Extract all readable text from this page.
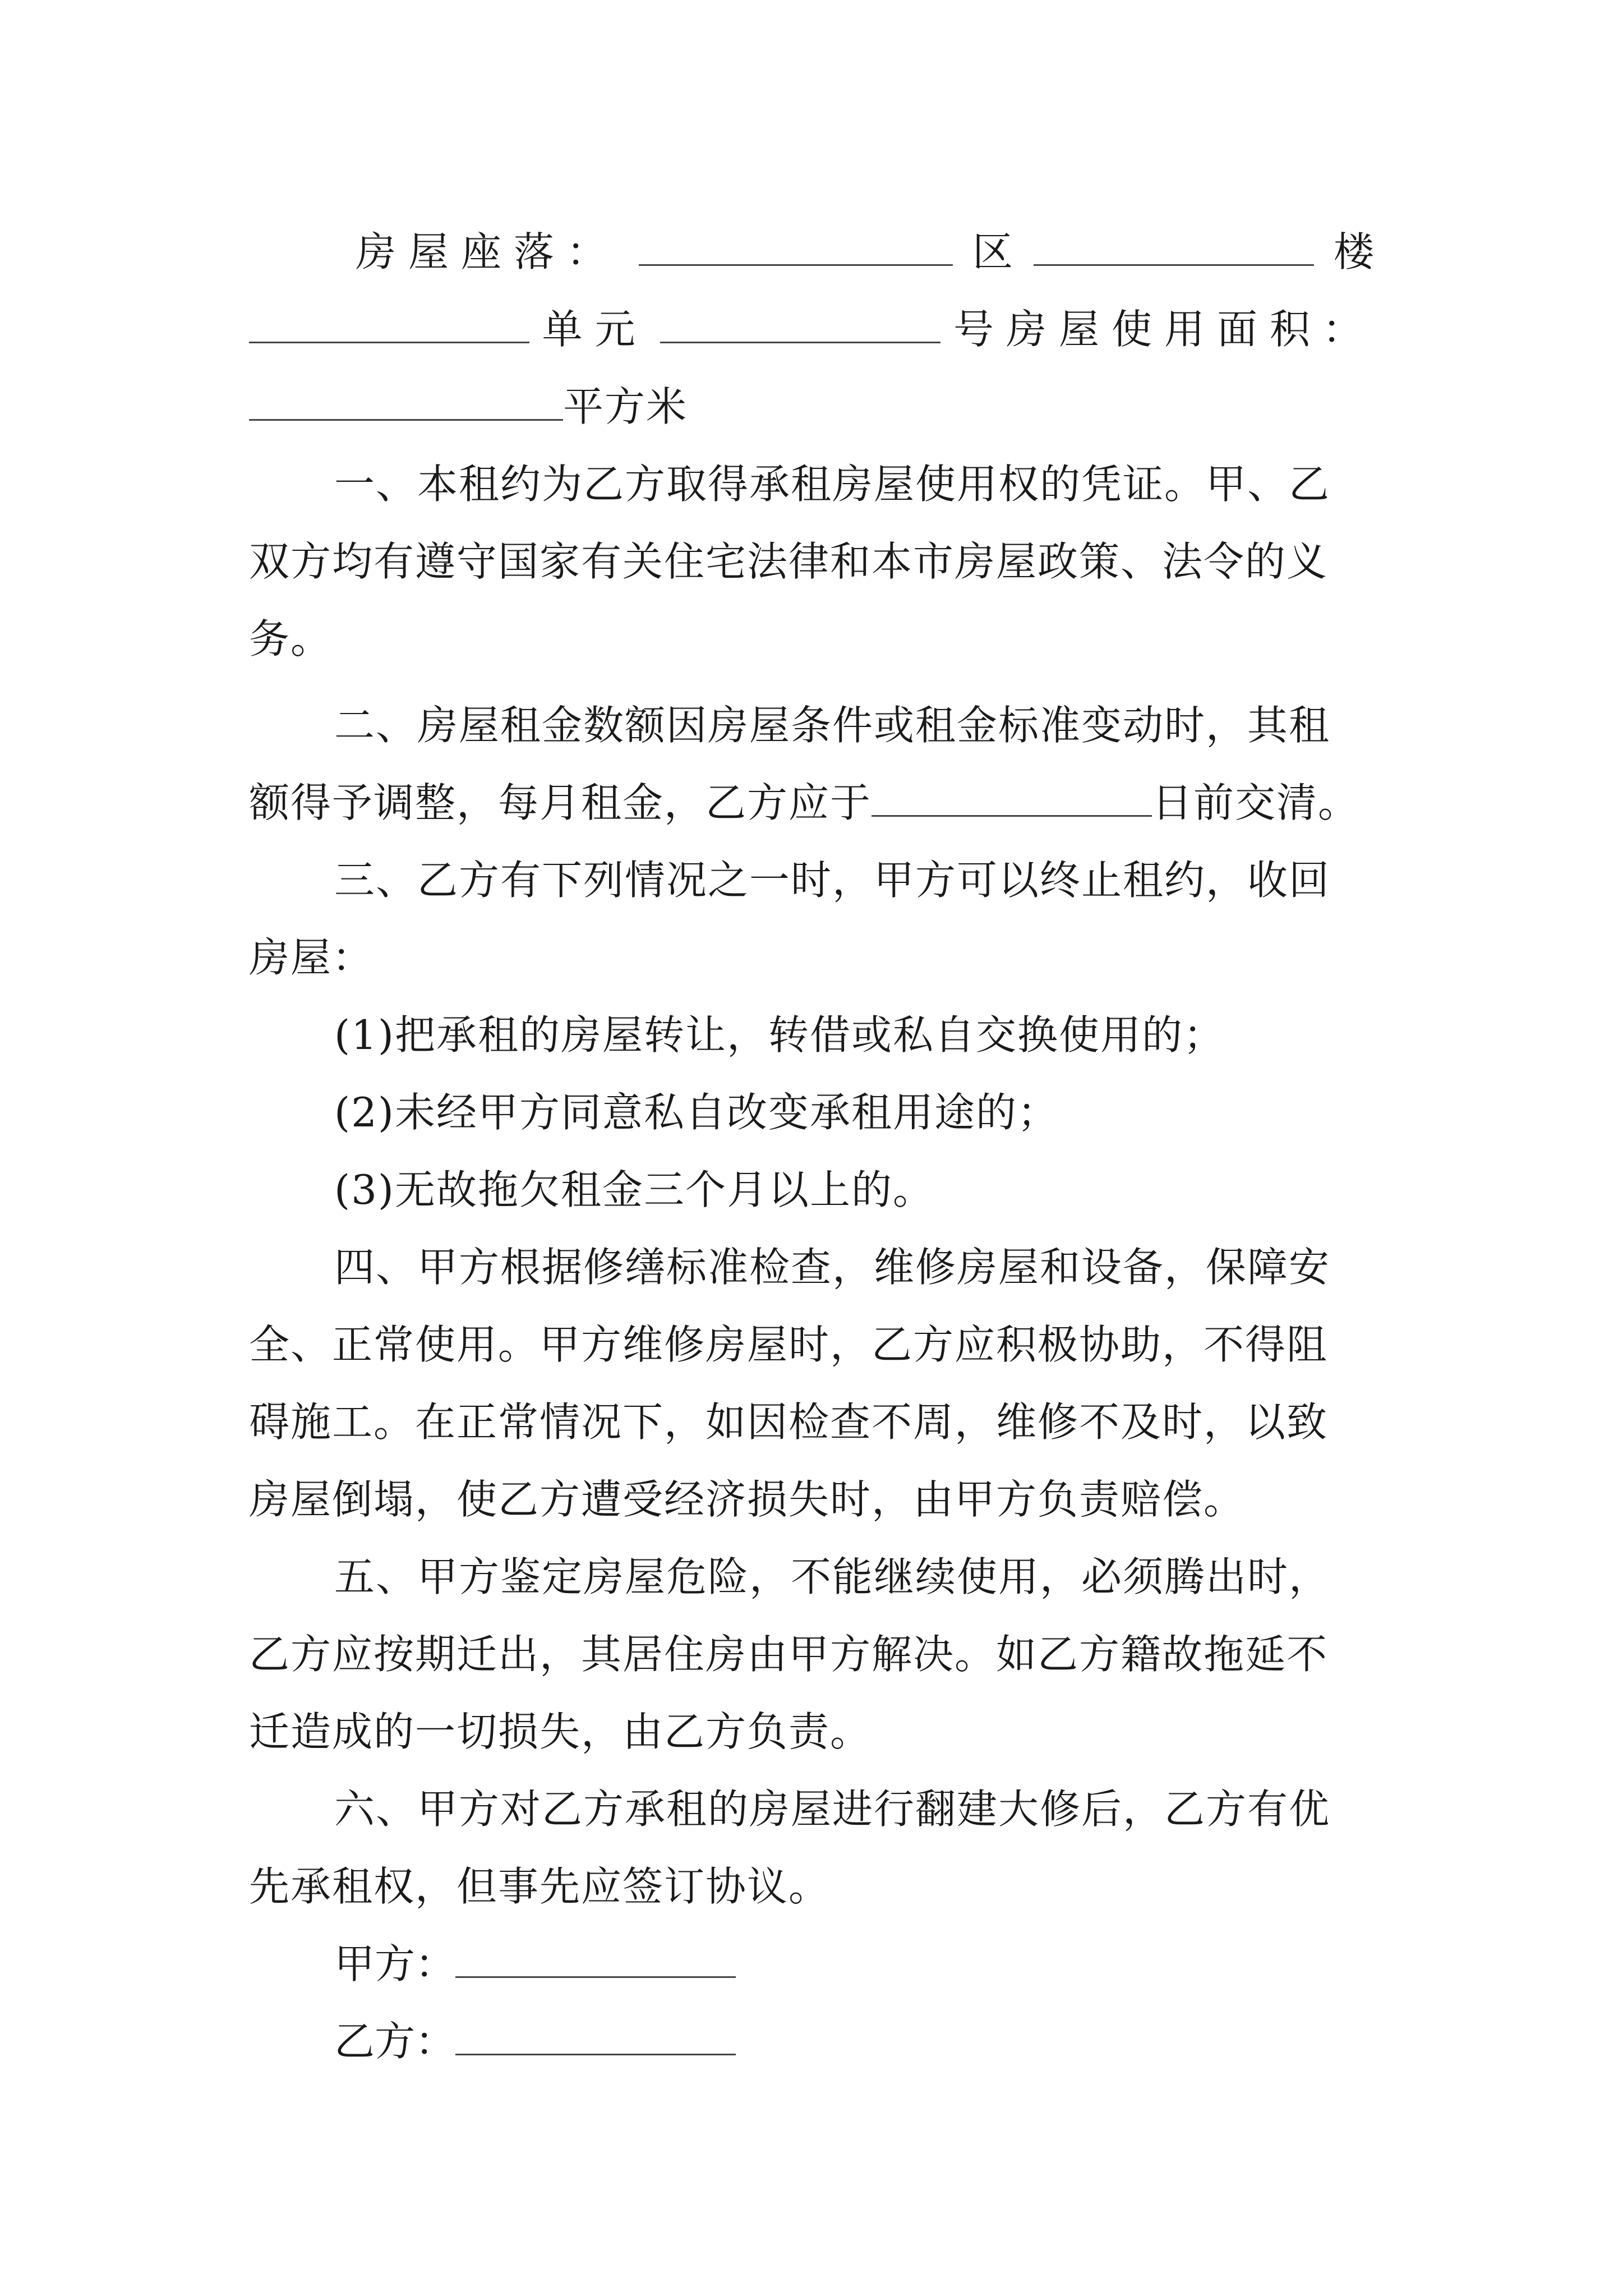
房屋座落：	区	楼
单元	号房屋使用面积：
平方米
一、本租约为乙方取得承租房屋使用权的凭证。甲、乙
双方均有遵守国家有关住宅法律和本市房屋政策、法令的义
务。
二、房屋租金数额因房屋条件或租金标准变动时，其租
额得予调整，每月租金，乙方应于	日前交清。
三、乙方有下列情况之一时，甲方可以终止租约，收回
房屋：
(1)把承租的房屋转让，转借或私自交换使用的；
(2)未经甲方同意私自改变承租用途的；
(3)无故拖欠租金三个月以上的。
四、甲方根据修缮标准检查，维修房屋和设备，保障安
全、正常使用。甲方维修房屋时，乙方应积极协助，不得阻
碍施工。在正常情况下，如因检查不周，维修不及时，以致
房屋倒塌，使乙方遭受经济损失时，由甲方负责赔偿。
五、甲方鉴定房屋危险，不能继续使用，必须腾出时，
乙方应按期迁出，其居住房由甲方解决。如乙方籍故拖延不
迁造成的一切损失，由乙方负责。
六、甲方对乙方承租的房屋进行翻建大修后，乙方有优
先承租权，但事先应签订协议。
甲方：
乙方：
